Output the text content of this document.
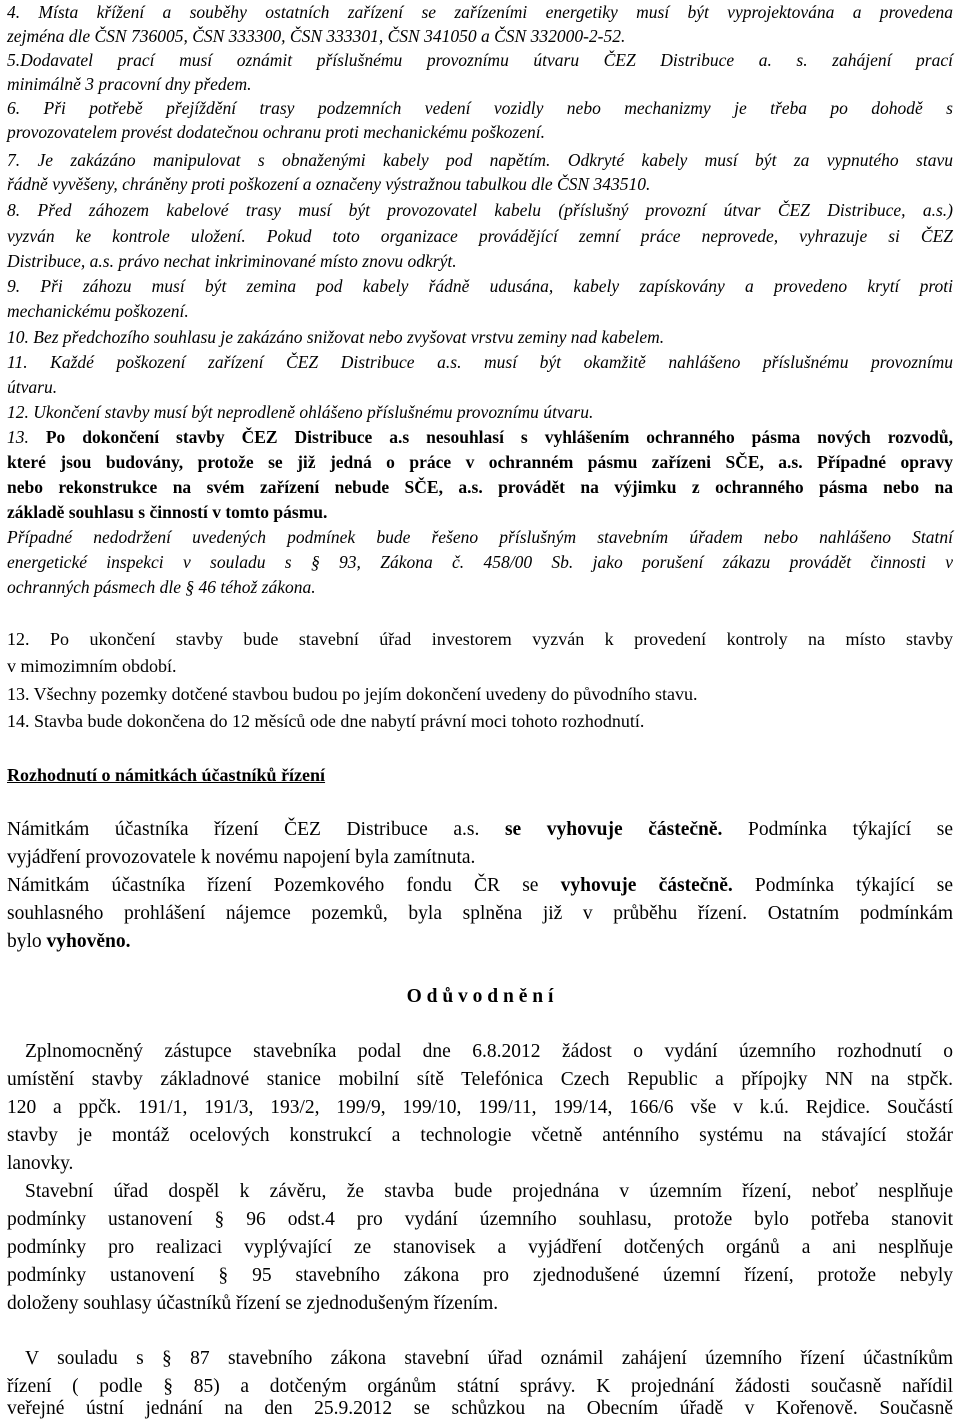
4. Místa křížení a souběhy ostatních zařízení se zařízeními energetiky musí být vyprojektována a provedena

zejména dle ČSN 736005, ČSN 333300, ČSN 333301, ČSN 341050 a ČSN 332000-2-52.

5.Dodavatel prací musí oznámit příslušnému provoznímu útvaru ČEZ Distribuce a. s. zahájení prací

minimálně 3 pracovní dny předem.

6. Při potřebě přejíždění trasy podzemních vedení vozidly nebo mechanizmy je třeba po dohodě s

provozovatelem provést dodatečnou ochranu proti mechanickému poškození.

7. Je zakázáno manipulovat s obnaženými kabely pod napětím. Odkryté kabely musí být za vypnutého stavu

řádně vyvěšeny, chráněny proti poškození a označeny výstražnou tabulkou dle ČSN 343510.

8. Před záhozem kabelové trasy musí být provozovatel kabelu (příslušný provozní útvar ČEZ Distribuce, a.s.)

vyzván ke kontrole uložení. Pokud toto organizace provádějící zemní práce neprovede, vyhrazuje si ČEZ

Distribuce, a.s. právo nechat inkriminované místo znovu odkrýt.

9. Při záhozu musí být zemina pod kabely řádně udusána, kabely zapískovány a provedeno krytí proti

mechanickému poškození.

10. Bez předchozího souhlasu je zakázáno snižovat nebo zvyšovat vrstvu zeminy nad kabelem.

11. Každé poškození zařízení ČEZ Distribuce a.s. musí být okamžitě nahlášeno příslušnému provoznímu

útvaru.

12. Ukončení stavby musí být neprodleně ohlášeno příslušnému provoznímu útvaru.

13. Po dokončení stavby ČEZ Distribuce a.s nesouhlasí s vyhlášením ochranného pásma nových rozvodů,

které jsou budovány, protože se již jedná o práce v ochranném pásmu zařízeni SČE, a.s. Případné opravy

nebo rekonstrukce na svém zařízení nebude SČE, a.s. provádět na výjimku z ochranného pásma nebo na

základě souhlasu s činností v tomto pásmu.

Případné nedodržení uvedených podmínek bude řešeno příslušným stavebním úřadem nebo nahlášeno Statní

energetické inspekci v souladu s § 93, Zákona č. 458/00 Sb. jako porušení zákazu provádět činnosti v

ochranných pásmech dle § 46 téhož zákona.

12. Po ukončení stavby bude stavební úřad investorem vyzván k provedení kontroly na místo stavby

v mimozimním období.

13. Všechny pozemky dotčené stavbou budou po jejím dokončení uvedeny do původního stavu.

14. Stavba bude dokončena do 12 měsíců ode dne nabytí právní moci tohoto rozhodnutí.

Rozhodnutí o námitkách účastníků řízení

Námitkám účastníka řízení ČEZ Distribuce a.s. se vyhovuje částečně. Podmínka týkající se

vyjádření provozovatele k novému napojení byla zamítnuta.

Námitkám účastníka řízení Pozemkového fondu ČR se vyhovuje částečně. Podmínka týkající se

souhlasného prohlášení nájemce pozemků, byla splněna již v průběhu řízení. Ostatním podmínkám

bylo vyhověno.

O d ů v o d n ě n í

Zplnomocněný zástupce stavebníka podal dne 6.8.2012 žádost o vydání územního rozhodnutí o

umístění stavby základnové stanice mobilní sítě Telefónica Czech Republic a přípojky NN na stpčk.

120 a ppčk. 191/1, 191/3, 193/2, 199/9, 199/10, 199/11, 199/14, 166/6 vše v k.ú. Rejdice. Součástí

stavby je montáž ocelových konstrukcí a technologie včetně anténního systému na stávající stožár

lanovky.

Stavební úřad dospěl k závěru, že stavba bude projednána v územním řízení, neboť nesplňuje

podmínky ustanovení § 96 odst.4 pro vydání územního souhlasu, protože bylo potřeba stanovit

podmínky pro realizaci vyplývající ze stanovisek a vyjádření dotčených orgánů a ani nesplňuje

podmínky ustanovení § 95 stavebního zákona pro zjednodušené územní řízení, protože nebyly

doloženy souhlasy účastníků řízení se zjednodušeným řízením.

V souladu s § 87 stavebního zákona stavební úřad oznámil zahájení územního řízení účastníkům

řízení ( podle § 85) a dotčeným orgánům státní správy. K projednání žádosti současně nařídil

veřejné ústní jednání na den 25.9.2012 se schůzkou na Obecním úřadě v Kořenově. Současně
